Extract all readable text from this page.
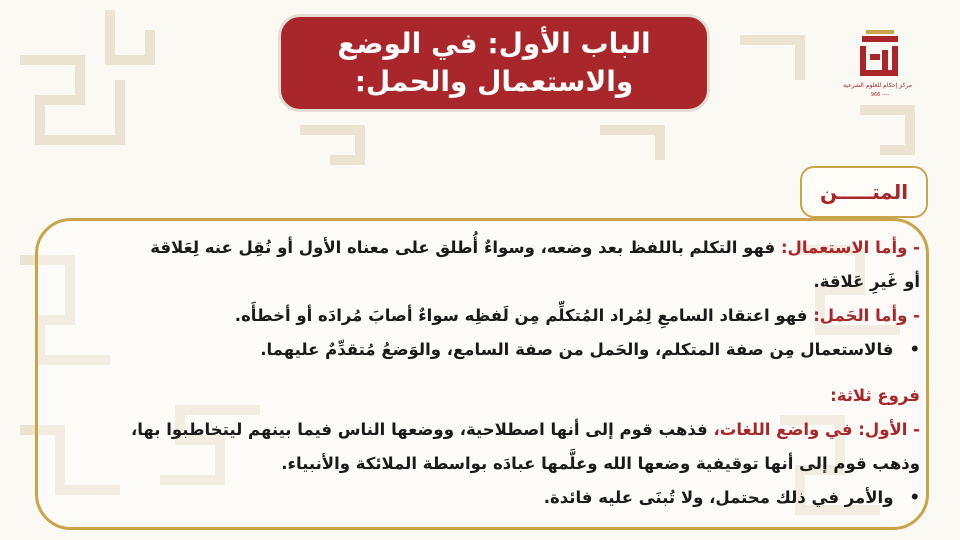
مركز إحكام للعلوم الشرعية
966 ----
الباب الأول: في الوضع
والاستعمال والحمل:
المتـــــن
- وأما الاستعمال: فهو التكلم باللفظ بعد وضعه، وسواءٌ أُطلق على معناه الأول أو نُقِل عنه لِعَلاقة
أو غَيرِ عَلاقة.
- وأما الحَمل: فهو اعتقاد السامعِ لِمُراد المُتكلِّم مِن لَفظِه سواءٌ أصابَ مُرادَه أو أخطأَه.
•فالاستعمال مِن صفة المتكلم، والحَمل من صفة السامع، والوَضعُ مُتقدِّمٌ عليهما.
فروع ثلاثة:
- الأول: في واضع اللغات، فذهب قوم إلى أنها اصطلاحية، ووضعها الناس فيما بينهم ليتخاطبوا بها،
وذهب قوم إلى أنها توقيفية وضعها الله وعلَّمها عبادَه بواسطة الملائكة والأنبياء.
•والأمر في ذلك محتمل، ولا تُبنَى عليه فائدة.
